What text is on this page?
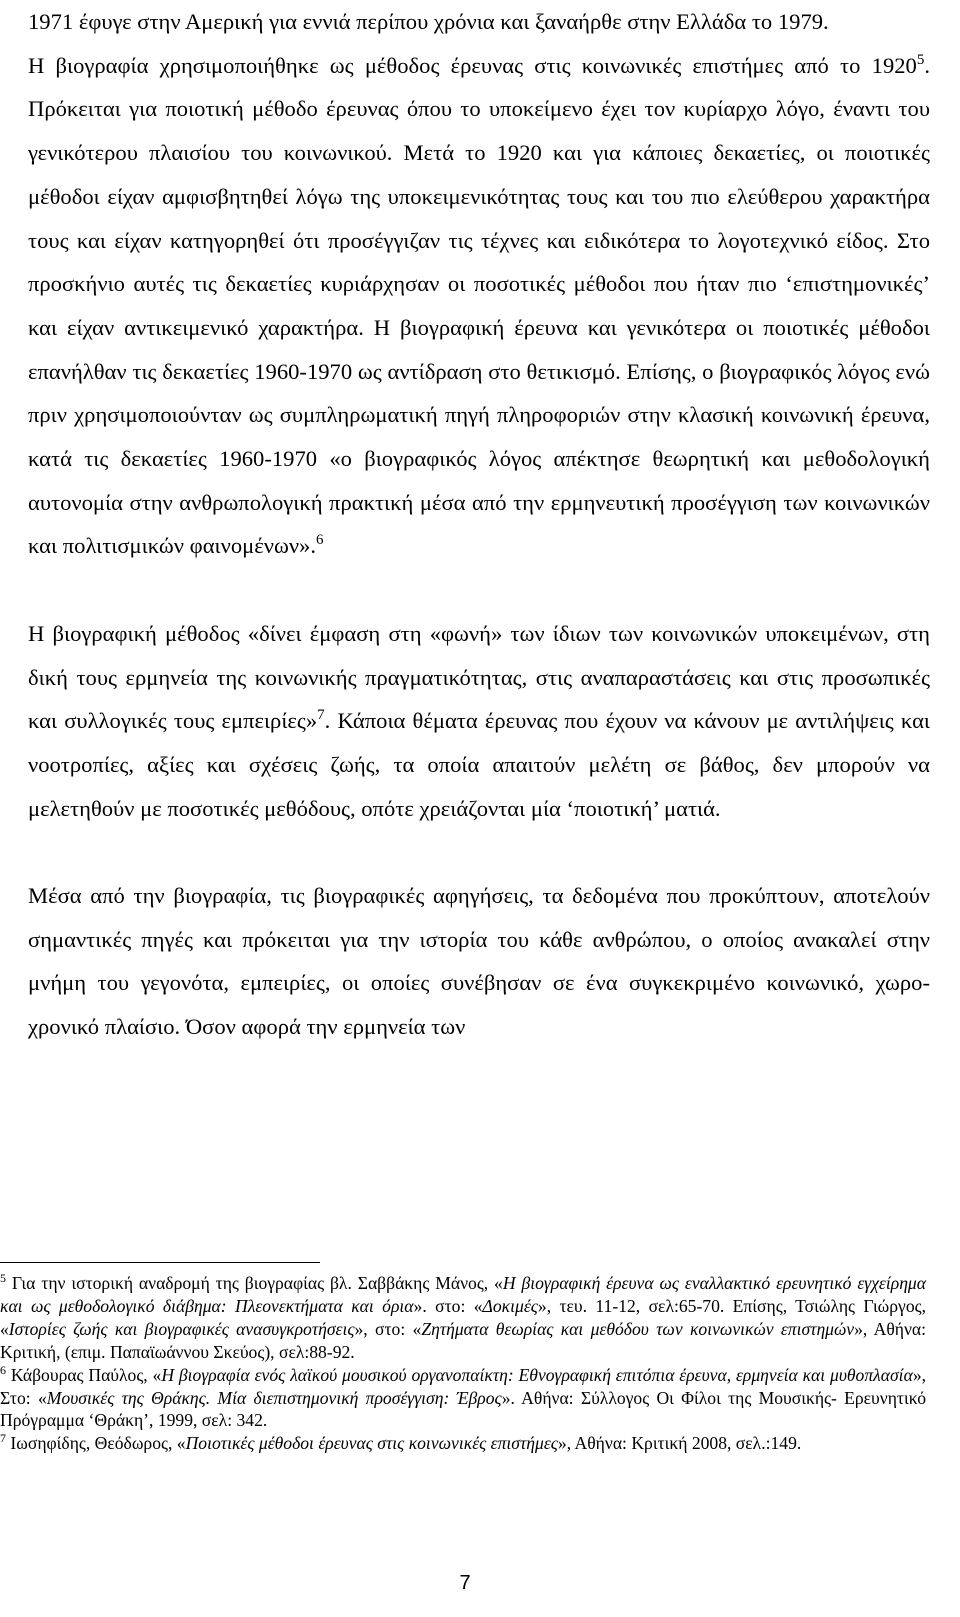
1971 έφυγε στην Αμερική για εννιά περίπου χρόνια και ξαναήρθε στην Ελλάδα το 1979.

Η βιογραφία χρησιμοποιήθηκε ως μέθοδος έρευνας στις κοινωνικές επιστήμες από το 1920$^5$. Πρόκειται για ποιοτική μέθοδο έρευνας όπου το υποκείμενο έχει τον κυρίαρχο λόγο, έναντι του γενικότερου πλαισίου του κοινωνικού. Μετά το 1920 και για κάποιες δεκαετίες, οι ποιοτικές μέθοδοι είχαν αμφισβητηθεί λόγω της υποκειμενικότητας τους και του πιο ελεύθερου χαρακτήρα τους και είχαν κατηγορηθεί ότι προσέγγιζαν τις τέχνες και ειδικότερα το λογοτεχνικό είδος. Στο προσκήνιο αυτές τις δεκαετίες κυριάρχησαν οι ποσοτικές μέθοδοι που ήταν πιο ‘επιστημονικές’ και είχαν αντικειμενικό χαρακτήρα. Η βιογραφική έρευνα και γενικότερα οι ποιοτικές μέθοδοι επανήλθαν τις δεκαετίες 1960-1970 ως αντίδραση στο θετικισμό. Επίσης, ο βιογραφικός λόγος ενώ πριν χρησιμοποιούνταν ως συμπληρωματική πηγή πληροφοριών στην κλασική κοινωνική έρευνα, κατά τις δεκαετίες 1960-1970 «ο βιογραφικός λόγος απέκτησε θεωρητική και μεθοδολογική αυτονομία στην ανθρωπολογική πρακτική μέσα από την ερμηνευτική προσέγγιση των κοινωνικών και πολιτισμικών φαινομένων».$^6$

Η βιογραφική μέθοδος «δίνει έμφαση στη «φωνή» των ίδιων των κοινωνικών υποκειμένων, στη δική τους ερμηνεία της κοινωνικής πραγματικότητας, στις αναπαραστάσεις και στις προσωπικές και συλλογικές τους εμπειρίες»$^7$. Κάποια θέματα έρευνας που έχουν να κάνουν με αντιλήψεις και νοοτροπίες, αξίες και σχέσεις ζωής, τα οποία απαιτούν μελέτη σε βάθος, δεν μπορούν να μελετηθούν με ποσοτικές μεθόδους, οπότε χρειάζονται μία ‘ποιοτική’ ματιά.

Μέσα από την βιογραφία, τις βιογραφικές αφηγήσεις, τα δεδομένα που προκύπτουν, αποτελούν σημαντικές πηγές και πρόκειται για την ιστορία του κάθε ανθρώπου, ο οποίος ανακαλεί στην μνήμη του γεγονότα, εμπειρίες, οι οποίες συνέβησαν σε ένα συγκεκριμένο κοινωνικό, χωρο-χρονικό πλαίσιο. Όσον αφορά την ερμηνεία των

$^5$ Για την ιστορική αναδρομή της βιογραφίας βλ. Σαββάκης Μάνος, «Η βιογραφική έρευνα ως εναλλακτικό ερευνητικό εγχείρημα και ως μεθοδολογικό διάβημα: Πλεονεκτήματα και όρια». στο: «Δοκιμές», τευ. 11-12, σελ:65-70. Επίσης, Τσιώλης Γιώργος, «Ιστορίες ζωής και βιογραφικές ανασυγκροτήσεις», στο: «Ζητήματα θεωρίας και μεθόδου των κοινωνικών επιστημών», Αθήνα: Κριτική, (επιμ. Παπαϊωάννου Σκεύος), σελ:88-92.

$^6$ Κάβουρας Παύλος, «Η βιογραφία ενός λαϊκού μουσικού οργανοπαίκτη: Εθνογραφική επιτόπια έρευνα, ερμηνεία και μυθοπλασία», Στο: «Μουσικές της Θράκης. Μία διεπιστημονική προσέγγιση: Έβρος». Αθήνα: Σύλλογος Οι Φίλοι της Μουσικής- Ερευνητικό Πρόγραμμα ‘Θράκη’, 1999, σελ: 342.

$^7$ Ιωσηφίδης, Θεόδωρος, «Ποιοτικές μέθοδοι έρευνας στις κοινωνικές επιστήμες», Αθήνα: Κριτική 2008, σελ.:149.

7
